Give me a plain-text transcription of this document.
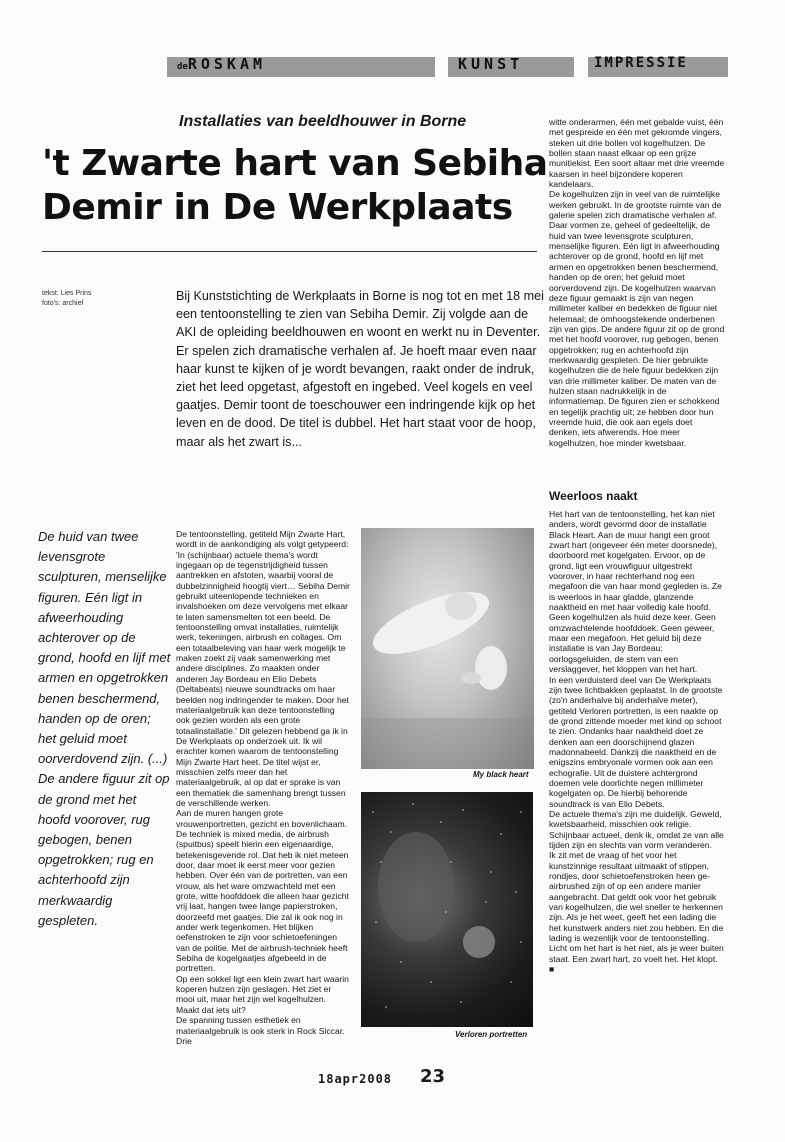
deROSKAM	KUNST	IMPRESSIE
Installaties van beeldhouwer in Borne
't Zwarte hart van Sebiha
Demir in De Werkplaats
tekst: Lies Prins
foto's: archief
Bij Kunststichting de Werkplaats in Borne is nog tot en met 18 mei een tentoonstelling te zien van Sebiha Demir. Zij volgde aan de AKI de opleiding beeldhouwen en woont en werkt nu in Deventer. Er spelen zich dramatische verhalen af. Je hoeft maar even naar haar kunst te kijken of je wordt bevangen, raakt onder de indruk, ziet het leed opgetast, afgestoft en ingebed. Veel kogels en veel gaatjes. Demir toont de toeschouwer een indringende kijk op het leven en de dood. De titel is dubbel. Het hart staat voor de hoop, maar als het zwart is...
De huid van twee levensgrote sculpturen, menselijke figuren. Eén ligt in afweerhouding achterover op de grond, hoofd en lijf met armen en opgetrokken benen beschermend, handen op de oren; het geluid moet oorverdovend zijn. (...) De andere figuur zit op de grond met het hoofd voorover, rug gebogen, benen opgetrokken; rug en achterhoofd zijn merkwaardig gespleten.

De tentoonstelling, getiteld Mijn Zwarte Hart, wordt in de aankondiging als volgt getypeerd: 'In (schijnbaar) actuele thema's wordt ingegaan op de tegenstrijdigheid tussen aantrekken en afstoten, waarbij vooral de dubbelzinnigheid hoogtij viert… Sebiha Demir gebruikt uiteenlopende technieken en invalshoeken om deze vervolgens met elkaar te laten samensmelten tot een beeld. De tentoonstelling omvat installaties, ruimtelijk werk, tekeningen, airbrush en collages. Om een totaalbeleving van haar werk mogelijk te maken zoekt zij vaak samenwerking met andere disciplines. Zo maakten onder anderen Jay Bordeau en Elio Debets (Deltabeats) nieuwe soundtracks om haar beelden nog indringender te maken. Door het materiaalgebruik kan deze tentoonstelling ook gezien worden als een grote totaalinstallatie.' Dit gelezen hebbend ga ik in De Werkplaats op onderzoek uit. Ik wil erachter komen waarom de tentoonstelling Mijn Zwarte Hart heet. De titel wijst er, misschien zelfs meer dan het materiaalgebruik, al op dat er sprake is van een thematiek die samenhang brengt tussen de verschillende werken.

Aan de muren hangen grote vrouwenportretten, gezicht en bovenlichaam. De techniek is mixed media, de airbrush (spuitbus) speelt hierin een eigenaardige, betekenisgevende rol. Dat heb ik niet meteen door, daar moet ik eerst meer voor gezien hebben. Over één van de portretten, van een vrouw, als het ware omzwachteld met een grote, witte hoofddoek die alleen haar gezicht vrij laat, hangen twee lange papierstroken, doorzeefd met gaatjes. Die zal ik ook nog in ander werk tegenkomen. Het blijken oefenstroken te zijn voor schietoefeningen van de politie. Met de airbrush-techniek heeft Sebiha de kogelgaatjes afgebeeld in de portretten.

Op een sokkel ligt een klein zwart hart waarin koperen hulzen zijn geslagen. Het ziet er mooi uit, maar het zijn wel kogelhulzen. Maakt dat iets uit?

De spanning tussen esthetiek en materiaalgebruik is ook sterk in Rock Siccar. Drie

My black heart
Verloren portretten

witte onderarmen, één met gebalde vuist, één met gespreide en één met gekromde vingers, steken uit drie bollen vol kogelhulzen. De bollen staan naast elkaar op een grijze munitiekist. Een soort altaar met drie vreemde kaarsen in heel bijzondere koperen kandelaars.

De kogelhulzen zijn in veel van de ruimtelijke werken gebruikt. In de grootste ruimte van de galerie spelen zich dramatische verhalen af. Daar vormen ze, geheel of gedeeltelijk, de huid van twee levensgrote sculpturen, menselijke figuren. Eén ligt in afweerhouding achterover op de grond, hoofd en lijf met armen en opgetrokken benen beschermend, handen op de oren; het geluid moet oorverdovend zijn. De kogelhulzen waarvan deze figuur gemaakt is zijn van negen millimeter kaliber en bedekken de figuur niet helemaal; de omhoogstekende onderbenen zijn van gips. De andere figuur zit op de grond met het hoofd voorover, rug gebogen, benen opgetrokken; rug en achterhoofd zijn merkwaardig gespleten. De hier gebruikte kogelhulzen die de hele figuur bedekken zijn van drie millimeter kaliber. De maten van de hulzen staan nadrukkelijk in de informatiemap. De figuren zien er schokkend en tegelijk prachtig uit; ze hebben door hun vreemde huid, die ook aan egels doet denken, iets afwerends. Hoe meer kogelhulzen, hoe minder kwetsbaar.

Weerloos naakt

Het hart van de tentoonstelling, het kan niet anders, wordt gevormd door de installatie Black Heart. Aan de muur hangt een groot zwart hart (ongeveer één meter doorsnede), doorboord met kogelgaten. Ervoor, op de grond, ligt een vrouwfiguur uitgestrekt voorover, in haar rechterhand nog een megafoon die van haar mond gegleden is. Ze is weerloos in haar gladde, glanzende naaktheid en met haar volledig kale hoofd. Geen kogelhulzen als huid deze keer. Geen omzwachtelende hoofddoek. Geen geweer, maar een megafoon. Het geluid bij deze installatie is van Jay Bordeau: oorlogsgeluiden, de stem van een verslaggever, het kloppen van het hart.

In een verduisterd deel van De Werkplaats zijn twee lichtbakken geplaatst. In de grootste (zo'n anderhalve bij anderhalve meter), getiteld Verloren portretten, is een naakte op de grond zittende moeder met kind op schoot te zien. Ondanks haar naaktheid doet ze denken aan een doorschijnend glazen madonnabeeld. Dankzij die naaktheid en de enigszins embryonale vormen ook aan een echografie. Uit de duistere achtergrond doemen vele doorlichte negen millimeter kogelgaten op. De hierbij behorende soundtrack is van Elio Debets.

De actuele thema's zijn me duidelijk. Geweld, kwetsbaarheid, misschien ook religie. Schijnbaar actueel, denk ik, omdat ze van alle tijden zijn en slechts van vorm veranderen.

Ik zit met de vraag of het voor het kunstzinnige resultaat uitmaakt of stippen, rondjes, door schietoefenstroken heen ge-airbrushed zijn of op een andere manier aangebracht. Dat geldt ook voor het gebruik van kogelhulzen, die wel sneller te herkennen zijn. Als je het weet, geeft het een lading die het kunstwerk anders niet zou hebben. En die lading is wezenlijk voor de tentoonstelling.

Licht om het hart is het niet, als je weer buiten staat. Een zwart hart, zo voelt het. Het klopt.

■

18apr2008 23
